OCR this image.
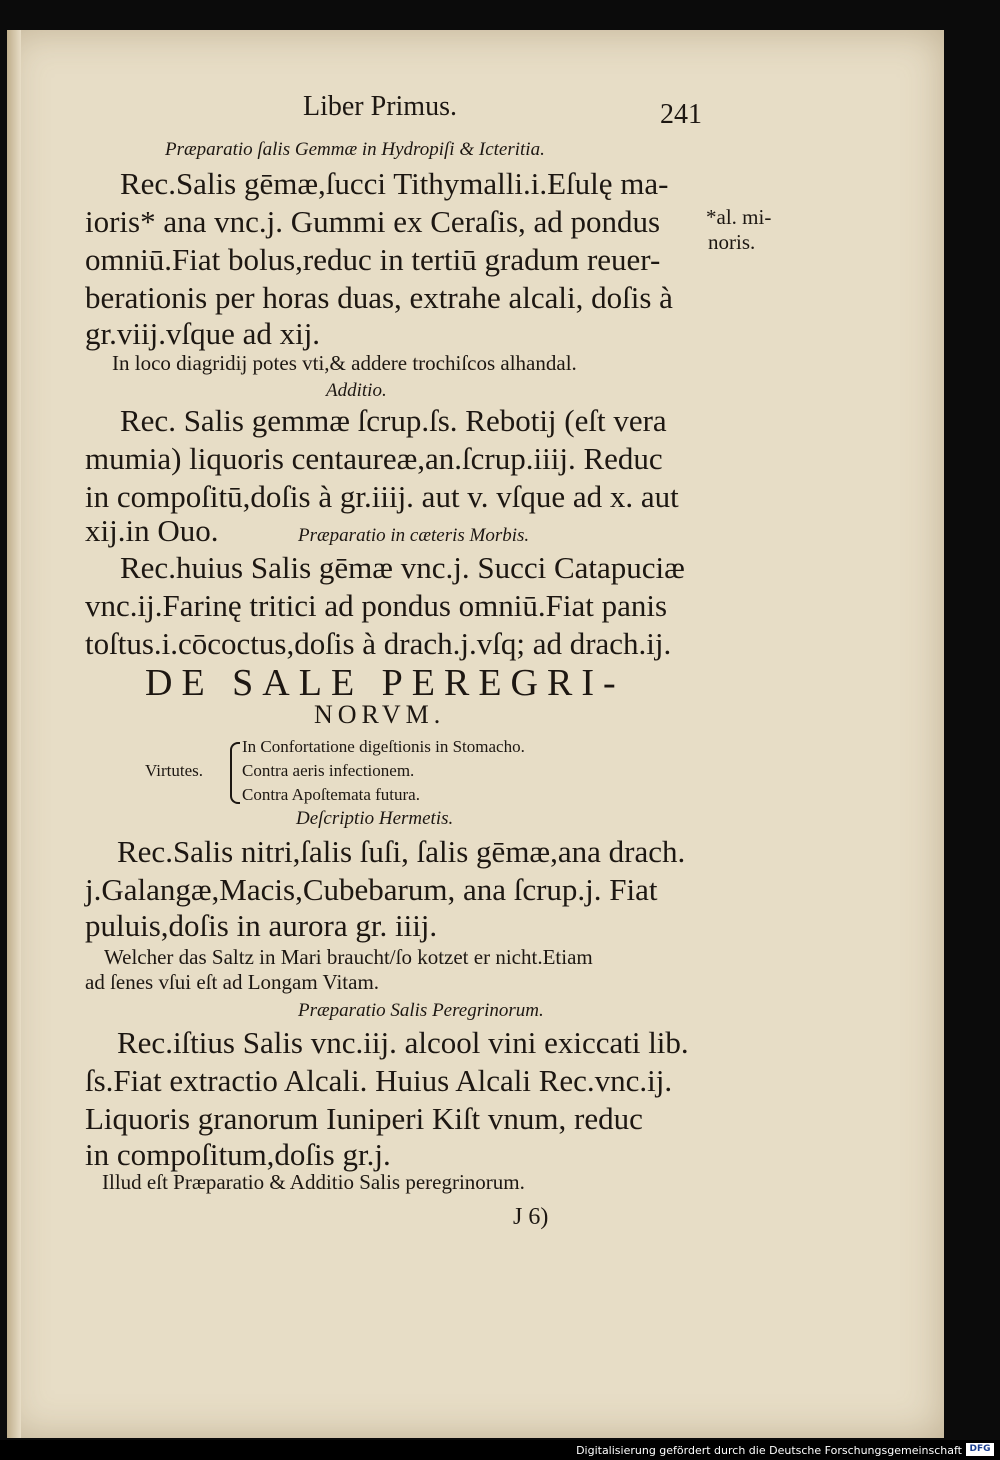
Liber Primus.	241
Præparatio ſalis Gemmæ in Hydropiſi & Icteritia.
Rec.Salis gēmæ,ſucci Tithymalli.i.Eſulę ma-
ioris* ana vnc.j. Gummi ex Ceraſis, ad pondus
omniū.Fiat bolus,reduc in tertiū gradum reuer-
berationis per horas duas, extrahe alcali, doſis à
gr.viij.vſque ad xij.
In loco diagridij potes vti,& addere trochiſcos alhandal.
*al. mi-
noris.
Additio.
Rec. Salis gemmæ ſcrup.ſs. Rebotij (eſt vera
mumia) liquoris centaureæ,an.ſcrup.iiij. Reduc
in compoſitū,doſis à gr.iiij. aut v. vſque ad x. aut
xij.in Ouo.	Præparatio in cæteris Morbis.
Rec.huius Salis gēmæ vnc.j. Succi Catapuciæ
vnc.ij.Farinę tritici ad pondus omniū.Fiat panis
toſtus.i.cōcoctus,doſis à drach.j.vſq; ad drach.ij.
DE SALE PEREGRI-
NORVM.
Virtutes.
In Confortatione digeſtionis in Stomacho.
Contra aeris infectionem.
Contra Apoſtemata futura.
Deſcriptio Hermetis.
Rec.Salis nitri,ſalis ſuſi, ſalis gēmæ,ana drach.
j.Galangæ,Macis,Cubebarum, ana ſcrup.j. Fiat
puluis,doſis in aurora gr. iiij.
Welcher das Saltz in Mari braucht/ſo kotzet er nicht.Etiam
ad ſenes vſui eſt ad Longam Vitam.
Præparatio Salis Peregrinorum.
Rec.iſtius Salis vnc.iij. alcool vini exiccati lib.
ſs.Fiat extractio Alcali. Huius Alcali Rec.vnc.ij.
Liquoris granorum Iuniperi Kiſt vnum, reduc
in compoſitum,doſis gr.j.
Illud eſt Præparatio & Additio Salis peregrinorum.
J 6)
Digitalisierung gefördert durch die Deutsche Forschungsgemeinschaft DFG
